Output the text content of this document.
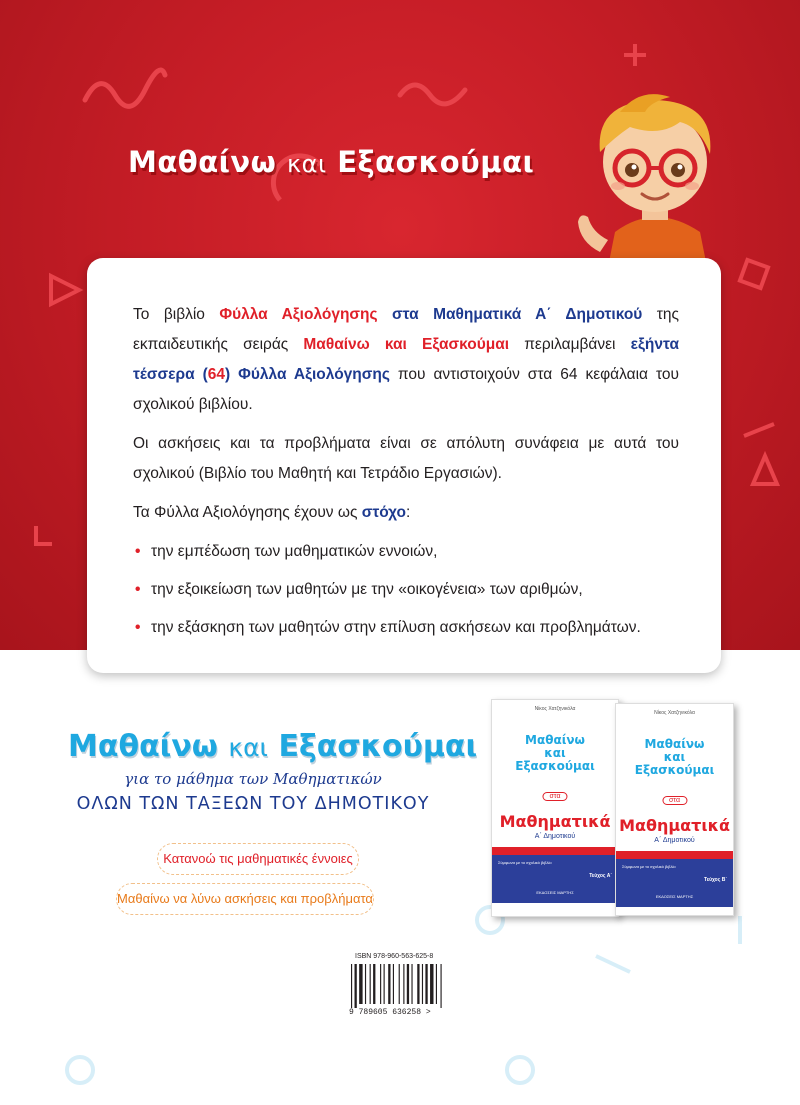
Μαθαίνω και Εξασκούμαι

Το βιβλίο Φύλλα Αξιολόγησης στα Μαθηματικά Α΄ Δημοτικού της εκπαιδευτικής σειράς Μαθαίνω και Εξασκούμαι περιλαμβάνει εξήντα τέσσερα (64) Φύλλα Αξιολόγησης που αντιστοιχούν στα 64 κεφάλαια του σχολικού βιβλίου.

Οι ασκήσεις και τα προβλήματα είναι σε απόλυτη συνάφεια με αυτά του σχολικού (Βιβλίο του Μαθητή και Τετράδιο Εργασιών).

Τα Φύλλα Αξιολόγησης έχουν ως στόχο:

• την εμπέδωση των μαθηματικών εννοιών,
• την εξοικείωση των μαθητών με την «οικογένεια» των αριθμών,
• την εξάσκηση των μαθητών στην επίλυση ασκήσεων και προβλημάτων.
Μαθαίνω και Εξασκούμαι
για το μάθημα των Μαθηματικών
ΟΛΩΝ ΤΩΝ ΤΑΞΕΩΝ ΤΟΥ ΔΗΜΟΤΙΚΟΥ
Κατανοώ τις μαθηματικές έννοιες
Μαθαίνω να λύνω ασκήσεις και προβλήματα
Νίκος Χατζηνικόλα
Μαθαίνω
και
Εξασκούμαι
στα
Μαθηματικά
Α΄ Δημοτικού
Σύμφωνα με το σχολικό βιβλίο
Τεύχος Α΄
ΕΚΔΟΣΕΙΣ ΜΑΡΤΗΣ
Νίκος Χατζηνικόλα
Μαθαίνω
και
Εξασκούμαι
στα
Μαθηματικά
Α΄ Δημοτικού
Σύμφωνα με το σχολικό βιβλίο
Τεύχος Β΄
ΕΚΔΟΣΕΙΣ ΜΑΡΤΗΣ
ISBN 978-960-563-625-8
9 789605 636258 >
